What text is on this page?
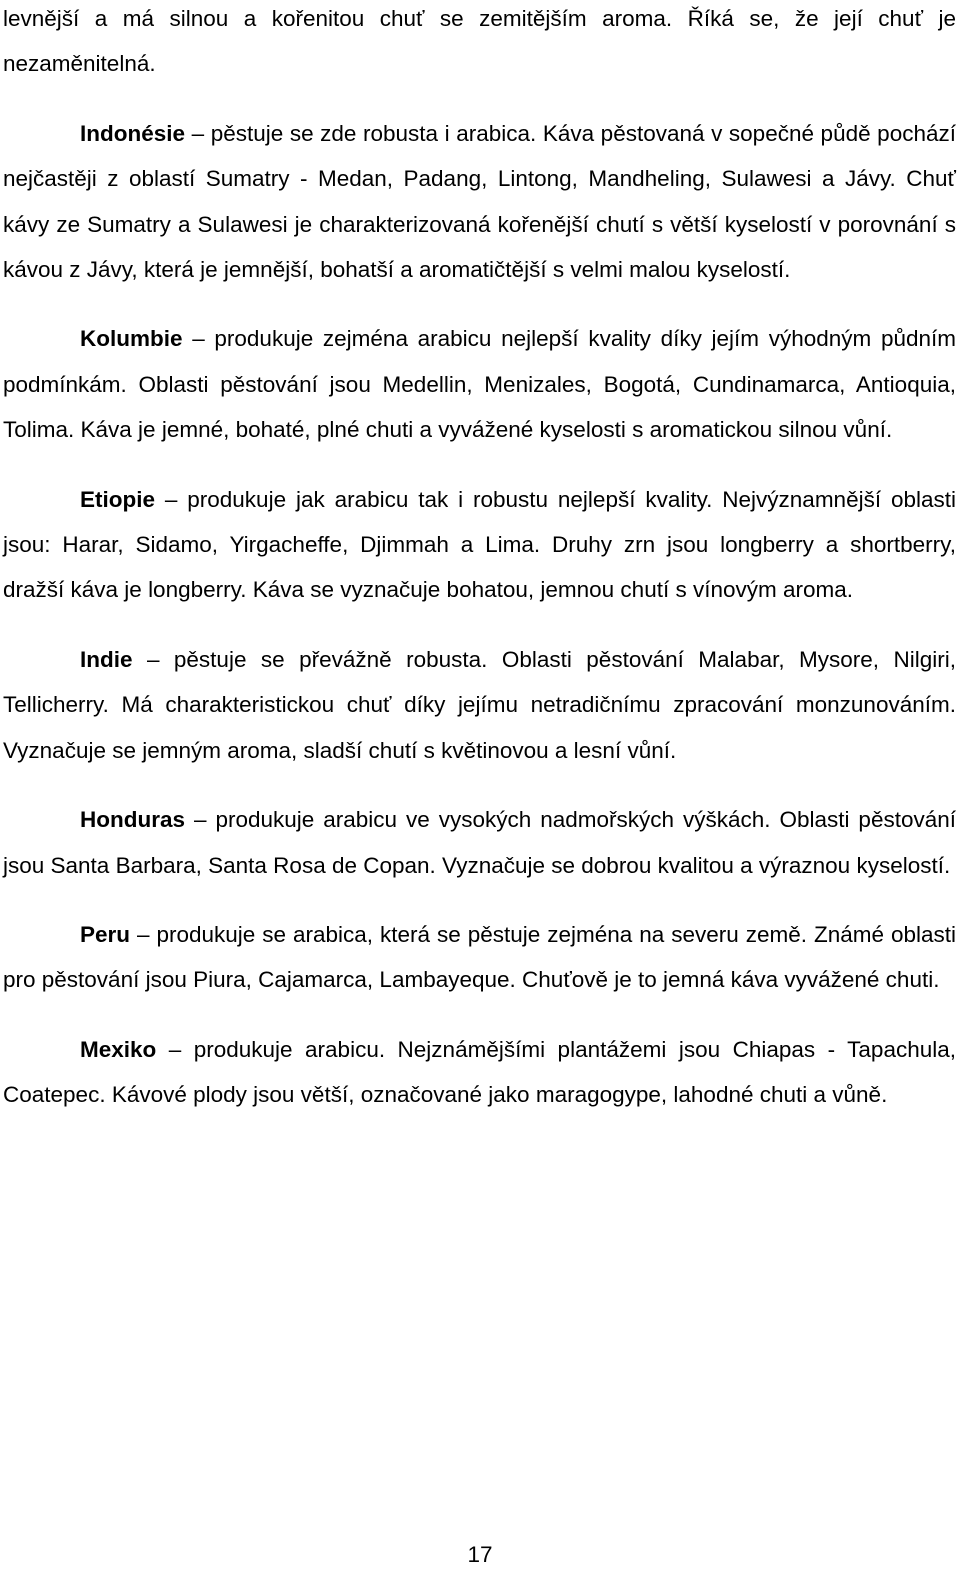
levnější a má silnou a kořenitou chuť se zemitějším aroma. Říká se, že její chuť je nezaměnitelná.

Indonésie – pěstuje se zde robusta i arabica. Káva pěstovaná v sopečné půdě pochází nejčastěji z oblastí Sumatry - Medan, Padang, Lintong, Mandheling, Sulawesi a Jávy. Chuť kávy ze Sumatry a Sulawesi je charakterizovaná kořenější chutí s větší kyselostí v porovnání s kávou z Jávy, která je jemnější, bohatší a aromatičtější s velmi malou kyselostí.

Kolumbie – produkuje zejména arabicu nejlepší kvality díky jejím výhodným půdním podmínkám. Oblasti pěstování jsou Medellin, Menizales, Bogotá, Cundinamarca, Antioquia, Tolima. Káva je jemné, bohaté, plné chuti a vyvážené kyselosti s aromatickou silnou vůní.

Etiopie – produkuje jak arabicu tak i robustu nejlepší kvality. Nejvýznamnější oblasti jsou: Harar, Sidamo, Yirgacheffe, Djimmah a Lima. Druhy zrn jsou longberry a shortberry, dražší káva je longberry. Káva se vyznačuje bohatou, jemnou chutí s vínovým aroma.

Indie – pěstuje se převážně robusta. Oblasti pěstování Malabar, Mysore, Nilgiri, Tellicherry. Má charakteristickou chuť díky jejímu netradičnímu zpracování monzunováním. Vyznačuje se jemným aroma, sladší chutí s květinovou a lesní vůní.

Honduras – produkuje arabicu ve vysokých nadmořských výškách. Oblasti pěstování jsou Santa Barbara, Santa Rosa de Copan. Vyznačuje se dobrou kvalitou a výraznou kyselostí.

Peru – produkuje se arabica, která se pěstuje zejména na severu země. Známé oblasti pro pěstování jsou Piura, Cajamarca, Lambayeque. Chuťově je to jemná káva vyvážené chuti.

Mexiko – produkuje arabicu. Nejznámějšími plantážemi jsou Chiapas - Tapachula, Coatepec. Kávové plody jsou větší, označované jako maragogype, lahodné chuti a vůně.

17
